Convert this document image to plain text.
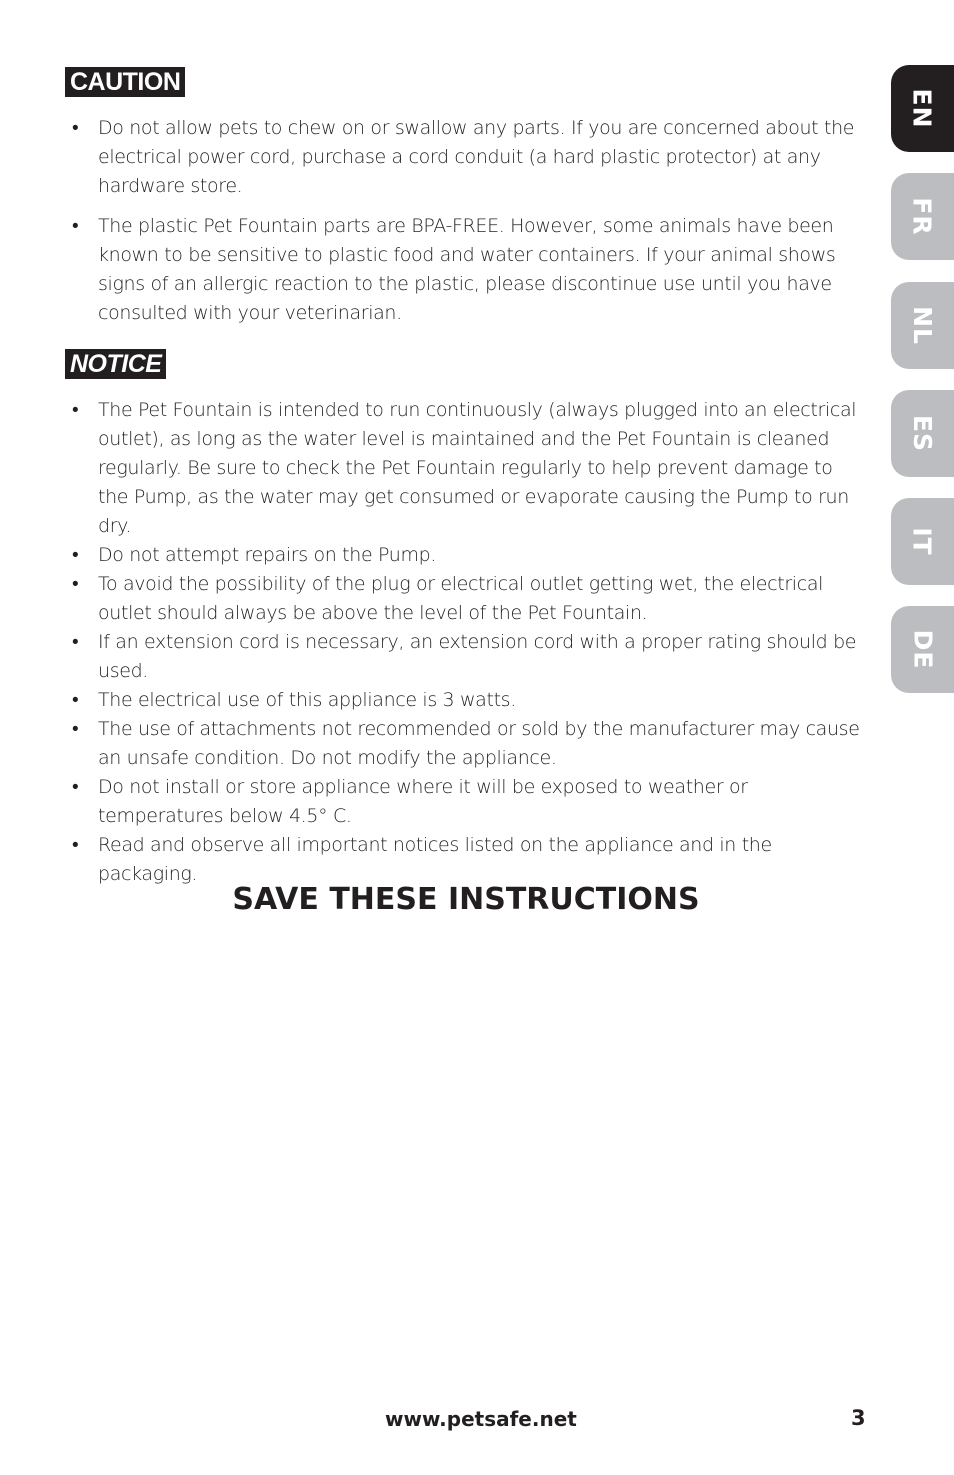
CAUTION
• Do not allow pets to chew on or swallow any parts. If you are concerned about the electrical power cord, purchase a cord conduit (a hard plastic protector) at any hardware store.
• The plastic Pet Fountain parts are BPA-FREE. However, some animals have been known to be sensitive to plastic food and water containers. If your animal shows signs of an allergic reaction to the plastic, please discontinue use until you have consulted with your veterinarian.
NOTICE
• The Pet Fountain is intended to run continuously (always plugged into an electrical outlet), as long as the water level is maintained and the Pet Fountain is cleaned regularly. Be sure to check the Pet Fountain regularly to help prevent damage to the Pump, as the water may get consumed or evaporate causing the Pump to run dry.
• Do not attempt repairs on the Pump.
• To avoid the possibility of the plug or electrical outlet getting wet, the electrical outlet should always be above the level of the Pet Fountain.
• If an extension cord is necessary, an extension cord with a proper rating should be used.
• The electrical use of this appliance is 3 watts.
• The use of attachments not recommended or sold by the manufacturer may cause an unsafe condition. Do not modify the appliance.
• Do not install or store appliance where it will be exposed to weather or temperatures below 4.5° C.
• Read and observe all important notices listed on the appliance and in the packaging.
SAVE THESE INSTRUCTIONS
www.petsafe.net	3
EN
FR
NL
ES
IT
DE
